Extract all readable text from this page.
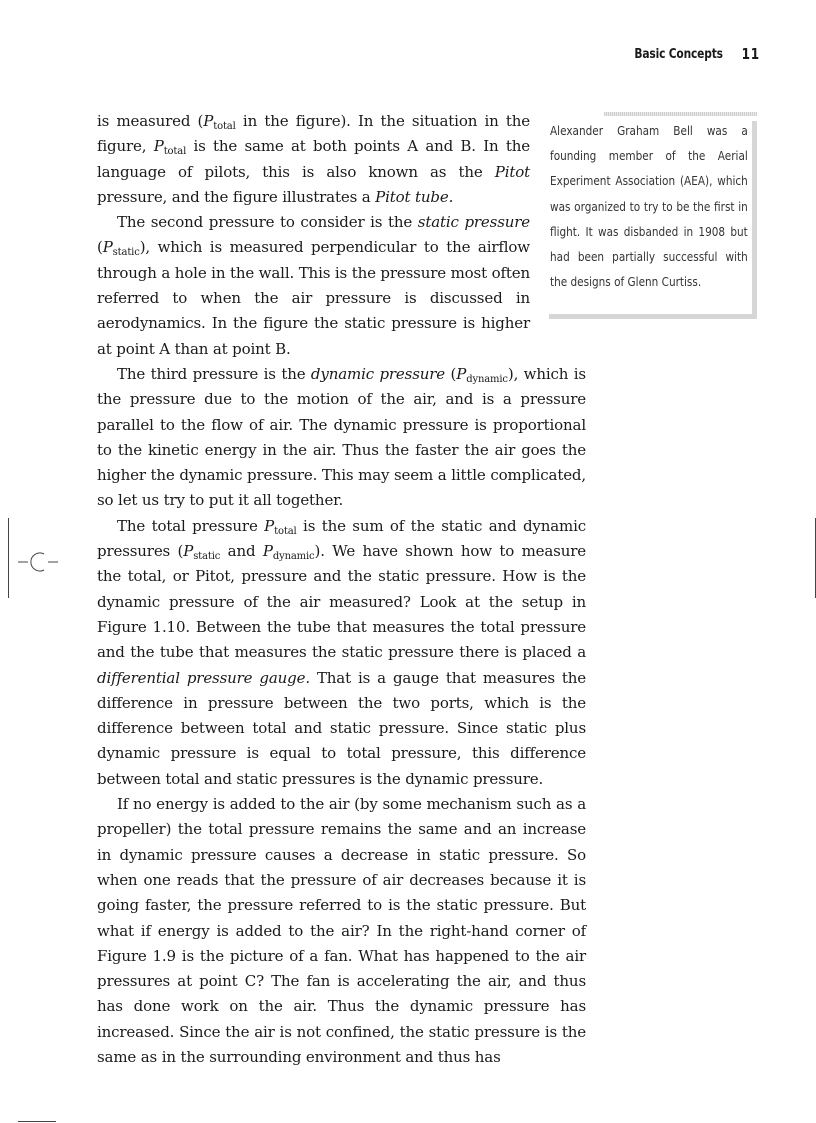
Basic Concepts 11
Alexander Graham Bell was a founding member of the Aerial Experiment Association (AEA), which was organized to try to be the first in flight. It was disbanded in 1908 but had been partially successful with the designs of Glenn Curtiss.

is measured ($P_{total}$ in the figure). In the situation in the figure, $P_{total}$ is the same at both points A and B. In the language of pilots, this is also known as the Pitot pressure, and the figure illustrates a Pitot tube.

The second pressure to consider is the static pressure $(P_{static})$, which is measured perpendicular to the airflow through a hole in the wall. This is the pressure most often referred to when the air pressure is discussed in aerodynamics. In the figure the static pressure is higher at point A than at point B.

The third pressure is the dynamic pressure $(P_{dynamic})$, which is the pressure due to the motion of the air, and is a pressure parallel to the flow of air. The dynamic pressure is proportional to the kinetic energy in the air. Thus the faster the air goes the higher the dynamic pressure. This may seem a little complicated, so let us try to put it all together.

The total pressure $P_{total}$ is the sum of the static and dynamic pressures ($P_{static}$ and $P_{dynamic}$). We have shown how to measure the total, or Pitot, pressure and the static pressure. How is the dynamic pressure of the air measured? Look at the setup in Figure 1.10. Between the tube that measures the total pressure and the tube that measures the static pressure there is placed a differential pressure gauge. That is a gauge that measures the difference in pressure between the two ports, which is the difference between total and static pressure. Since static plus dynamic pressure is equal to total pressure, this difference between total and static pressures is the dynamic pressure.

If no energy is added to the air (by some mechanism such as a propeller) the total pressure remains the same and an increase in dynamic pressure causes a decrease in static pressure. So when one reads that the pressure of air decreases because it is going faster, the pressure referred to is the static pressure. But what if energy is added to the air? In the right-hand corner of Figure 1.9 is the picture of a fan. What has happened to the air pressures at point C? The fan is accelerating the air, and thus has done work on the air. Thus the dynamic pressure has increased. Since the air is not confined, the static pressure is the same as in the surrounding environment and thus has
